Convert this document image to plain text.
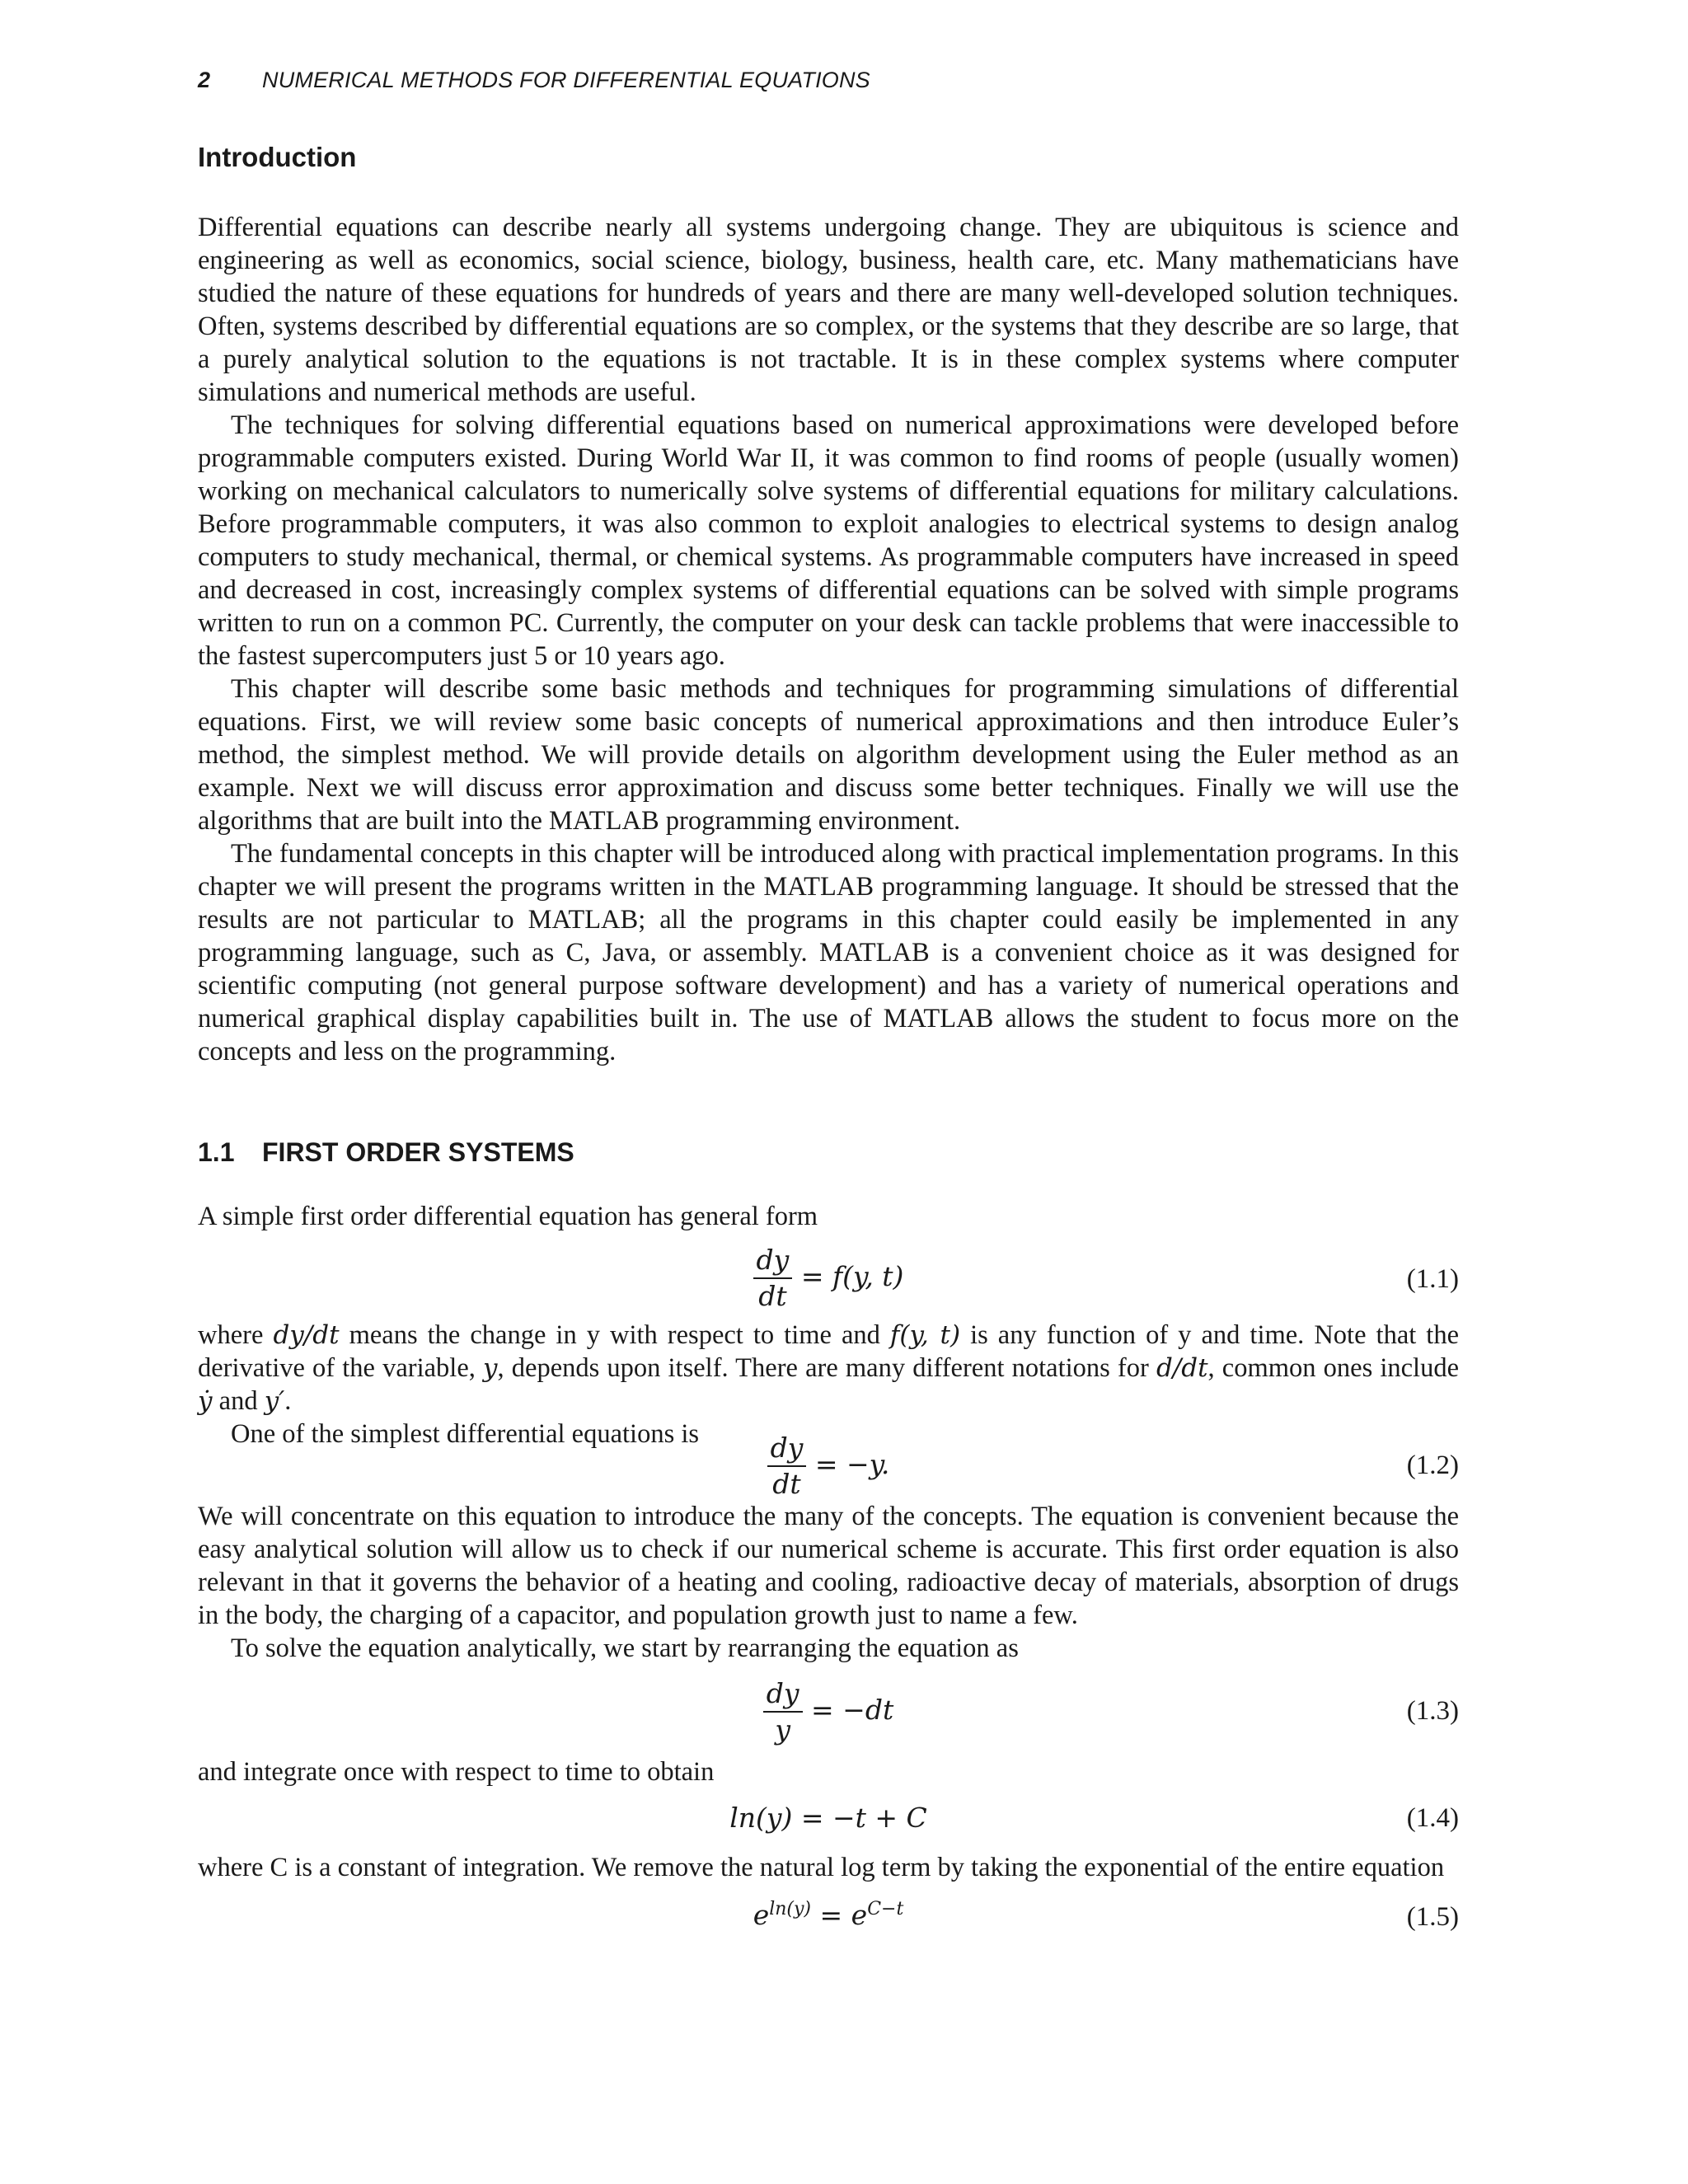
2 NUMERICAL METHODS FOR DIFFERENTIAL EQUATIONS
Introduction

Differential equations can describe nearly all systems undergoing change. They are ubiquitous is science and engineering as well as economics, social science, biology, business, health care, etc. Many mathematicians have studied the nature of these equations for hundreds of years and there are many well-developed solution techniques. Often, systems described by differential equations are so complex, or the systems that they describe are so large, that a purely analytical solution to the equations is not tractable. It is in these complex systems where computer simulations and numerical methods are useful.

The techniques for solving differential equations based on numerical approximations were developed before programmable computers existed. During World War II, it was common to find rooms of people (usually women) working on mechanical calculators to numerically solve systems of differential equations for military calculations. Before programmable computers, it was also common to exploit analogies to electrical systems to design analog computers to study mechanical, thermal, or chemical systems. As programmable computers have increased in speed and decreased in cost, increasingly complex systems of differential equations can be solved with simple programs written to run on a common PC. Currently, the computer on your desk can tackle problems that were inaccessible to the fastest supercomputers just 5 or 10 years ago.

This chapter will describe some basic methods and techniques for programming simulations of differential equations. First, we will review some basic concepts of numerical approximations and then introduce Euler’s method, the simplest method. We will provide details on algorithm development using the Euler method as an example. Next we will discuss error approximation and discuss some better techniques. Finally we will use the algorithms that are built into the MATLAB programming environment.

The fundamental concepts in this chapter will be introduced along with practical implementation programs. In this chapter we will present the programs written in the MATLAB programming language. It should be stressed that the results are not particular to MATLAB; all the programs in this chapter could easily be implemented in any programming language, such as C, Java, or assembly. MATLAB is a convenient choice as it was designed for scientific computing (not general purpose software development) and has a variety of numerical operations and numerical graphical display capabilities built in. The use of MATLAB allows the student to focus more on the concepts and less on the programming.

1.1 FIRST ORDER SYSTEMS

A simple first order differential equation has general form

$\frac{dy}{dt} = f(y$, t)	(1.1)

where dy/dt means the change in y with respect to time and f(y, t) is any function of y and time. Note that the derivative of the variable, y, depends upon itself. There are many different notations for d/dt, common ones include ẏ and y′.

One of the simplest differential equations is	$\frac{dy}{dt} = -y$.	(1.2)

We will concentrate on this equation to introduce the many of the concepts. The equation is convenient because the easy analytical solution will allow us to check if our numerical scheme is accurate. This first order equation is also relevant in that it governs the behavior of a heating and cooling, radioactive decay of materials, absorption of drugs in the body, the charging of a capacitor, and population growth just to name a few.

To solve the equation analytically, we start by rearranging the equation as

$\frac{dy}{y} = -dt$	(1.3)

and integrate once with respect to time to obtain

ln(y) = −t + C	(1.4)

where C is a constant of integration. We remove the natural log term by taking the exponential of the entire equation

$e^{ln(y)} = e^{C-t}$	(1.5)
